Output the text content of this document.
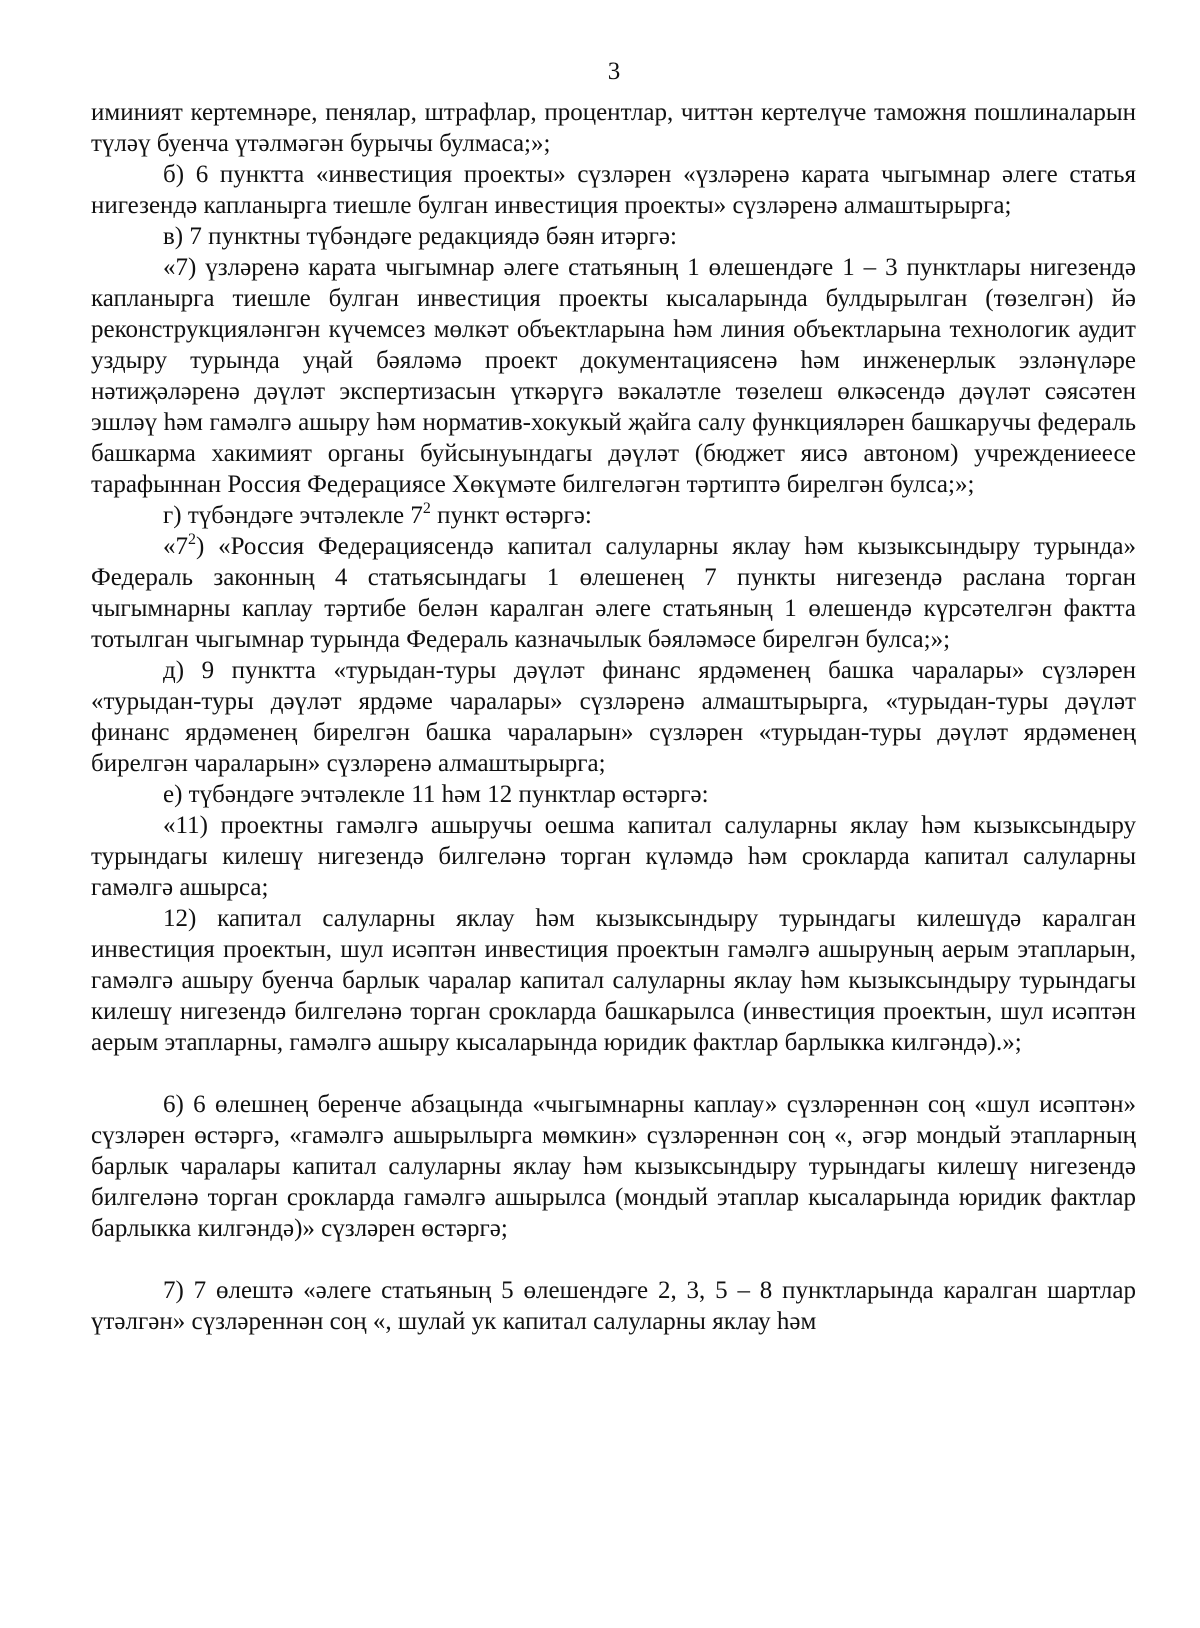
3

иминият кертемнәре, пенялар, штрафлар, процентлар, читтән кертелүче таможня пошлиналарын түләү буенча үтәлмәгән бурычы булмаса;»;

б) 6 пунктта «инвестиция проекты» сүзләрен «үзләренә карата чыгымнар әлеге статья нигезендә капланырга тиешле булган инвестиция проекты» сүзләренә алмаштырырга;

в) 7 пунктны түбәндәге редакциядә бәян итәргә:

«7) үзләренә карата чыгымнар әлеге статьяның 1 өлешендәге 1 – 3 пунктлары нигезендә капланырга тиешле булган инвестиция проекты кысаларында булдырылган (төзелгән) йә реконструкцияләнгән күчемсез мөлкәт объектларына һәм линия объектларына технологик аудит уздыру турында уңай бәяләмә проект документациясенә һәм инженерлык эзләнүләре нәтиҗәләренә дәүләт экспертизасын үткәрүгә вәкаләтле төзелеш өлкәсендә дәүләт сәясәтен эшләү һәм гамәлгә ашыру һәм норматив-хокукый җайга салу функцияләрен башкаручы федераль башкарма хакимият органы буйсынуындагы дәүләт (бюджет яисә автоном) учреждениеесе тарафыннан Россия Федерациясе Хөкүмәте билгеләгән тәртиптә бирелгән булса;»;

г) түбәндәге эчтәлекле $7^2$ пункт өстәргә:

«$7^2$) «Россия Федерациясендә капитал салуларны яклау һәм кызыксындыру турында» Федераль законның 4 статьясындагы 1 өлешенең 7 пункты нигезендә раслана торган чыгымнарны каплау тәртибе белән каралган әлеге статьяның 1 өлешендә күрсәтелгән фактта тотылган чыгымнар турында Федераль казначылык бәяләмәсе бирелгән булса;»;

д) 9 пунктта «турыдан-туры дәүләт финанс ярдәменең башка чаралары» сүзләрен «турыдан-туры дәүләт ярдәме чаралары» сүзләренә алмаштырырга, «турыдан-туры дәүләт финанс ярдәменең бирелгән башка чараларын» сүзләрен «турыдан-туры дәүләт ярдәменең бирелгән чараларын» сүзләренә алмаштырырга;

е) түбәндәге эчтәлекле 11 һәм 12 пунктлар өстәргә:

«11) проектны гамәлгә ашыручы оешма капитал салуларны яклау һәм кызыксындыру турындагы килешү нигезендә билгеләнә торган күләмдә һәм срокларда капитал салуларны гамәлгә ашырса;

12) капитал салуларны яклау һәм кызыксындыру турындагы килешүдә каралган инвестиция проектын, шул исәптән инвестиция проектын гамәлгә ашыруның аерым этапларын, гамәлгә ашыру буенча барлык чаралар капитал салуларны яклау һәм кызыксындыру турындагы килешү нигезендә билгеләнә торган срокларда башкарылса (инвестиция проектын, шул исәптән аерым этапларны, гамәлгә ашыру кысаларында юридик фактлар барлыкка килгәндә).»;

6) 6 өлешнең беренче абзацында «чыгымнарны каплау» сүзләреннән соң «шул исәптән» сүзләрен өстәргә, «гамәлгә ашырылырга мөмкин» сүзләреннән соң «, әгәр мондый этапларның барлык чаралары капитал салуларны яклау һәм кызыксындыру турындагы килешү нигезендә билгеләнә торган срокларда гамәлгә ашырылса (мондый этаплар кысаларында юридик фактлар барлыкка килгәндә)» сүзләрен өстәргә;

7) 7 өлештә «әлеге статьяның 5 өлешендәге 2, 3, 5 – 8 пунктларында каралган шартлар үтәлгән» сүзләреннән соң «, шулай ук капитал салуларны яклау һәм
